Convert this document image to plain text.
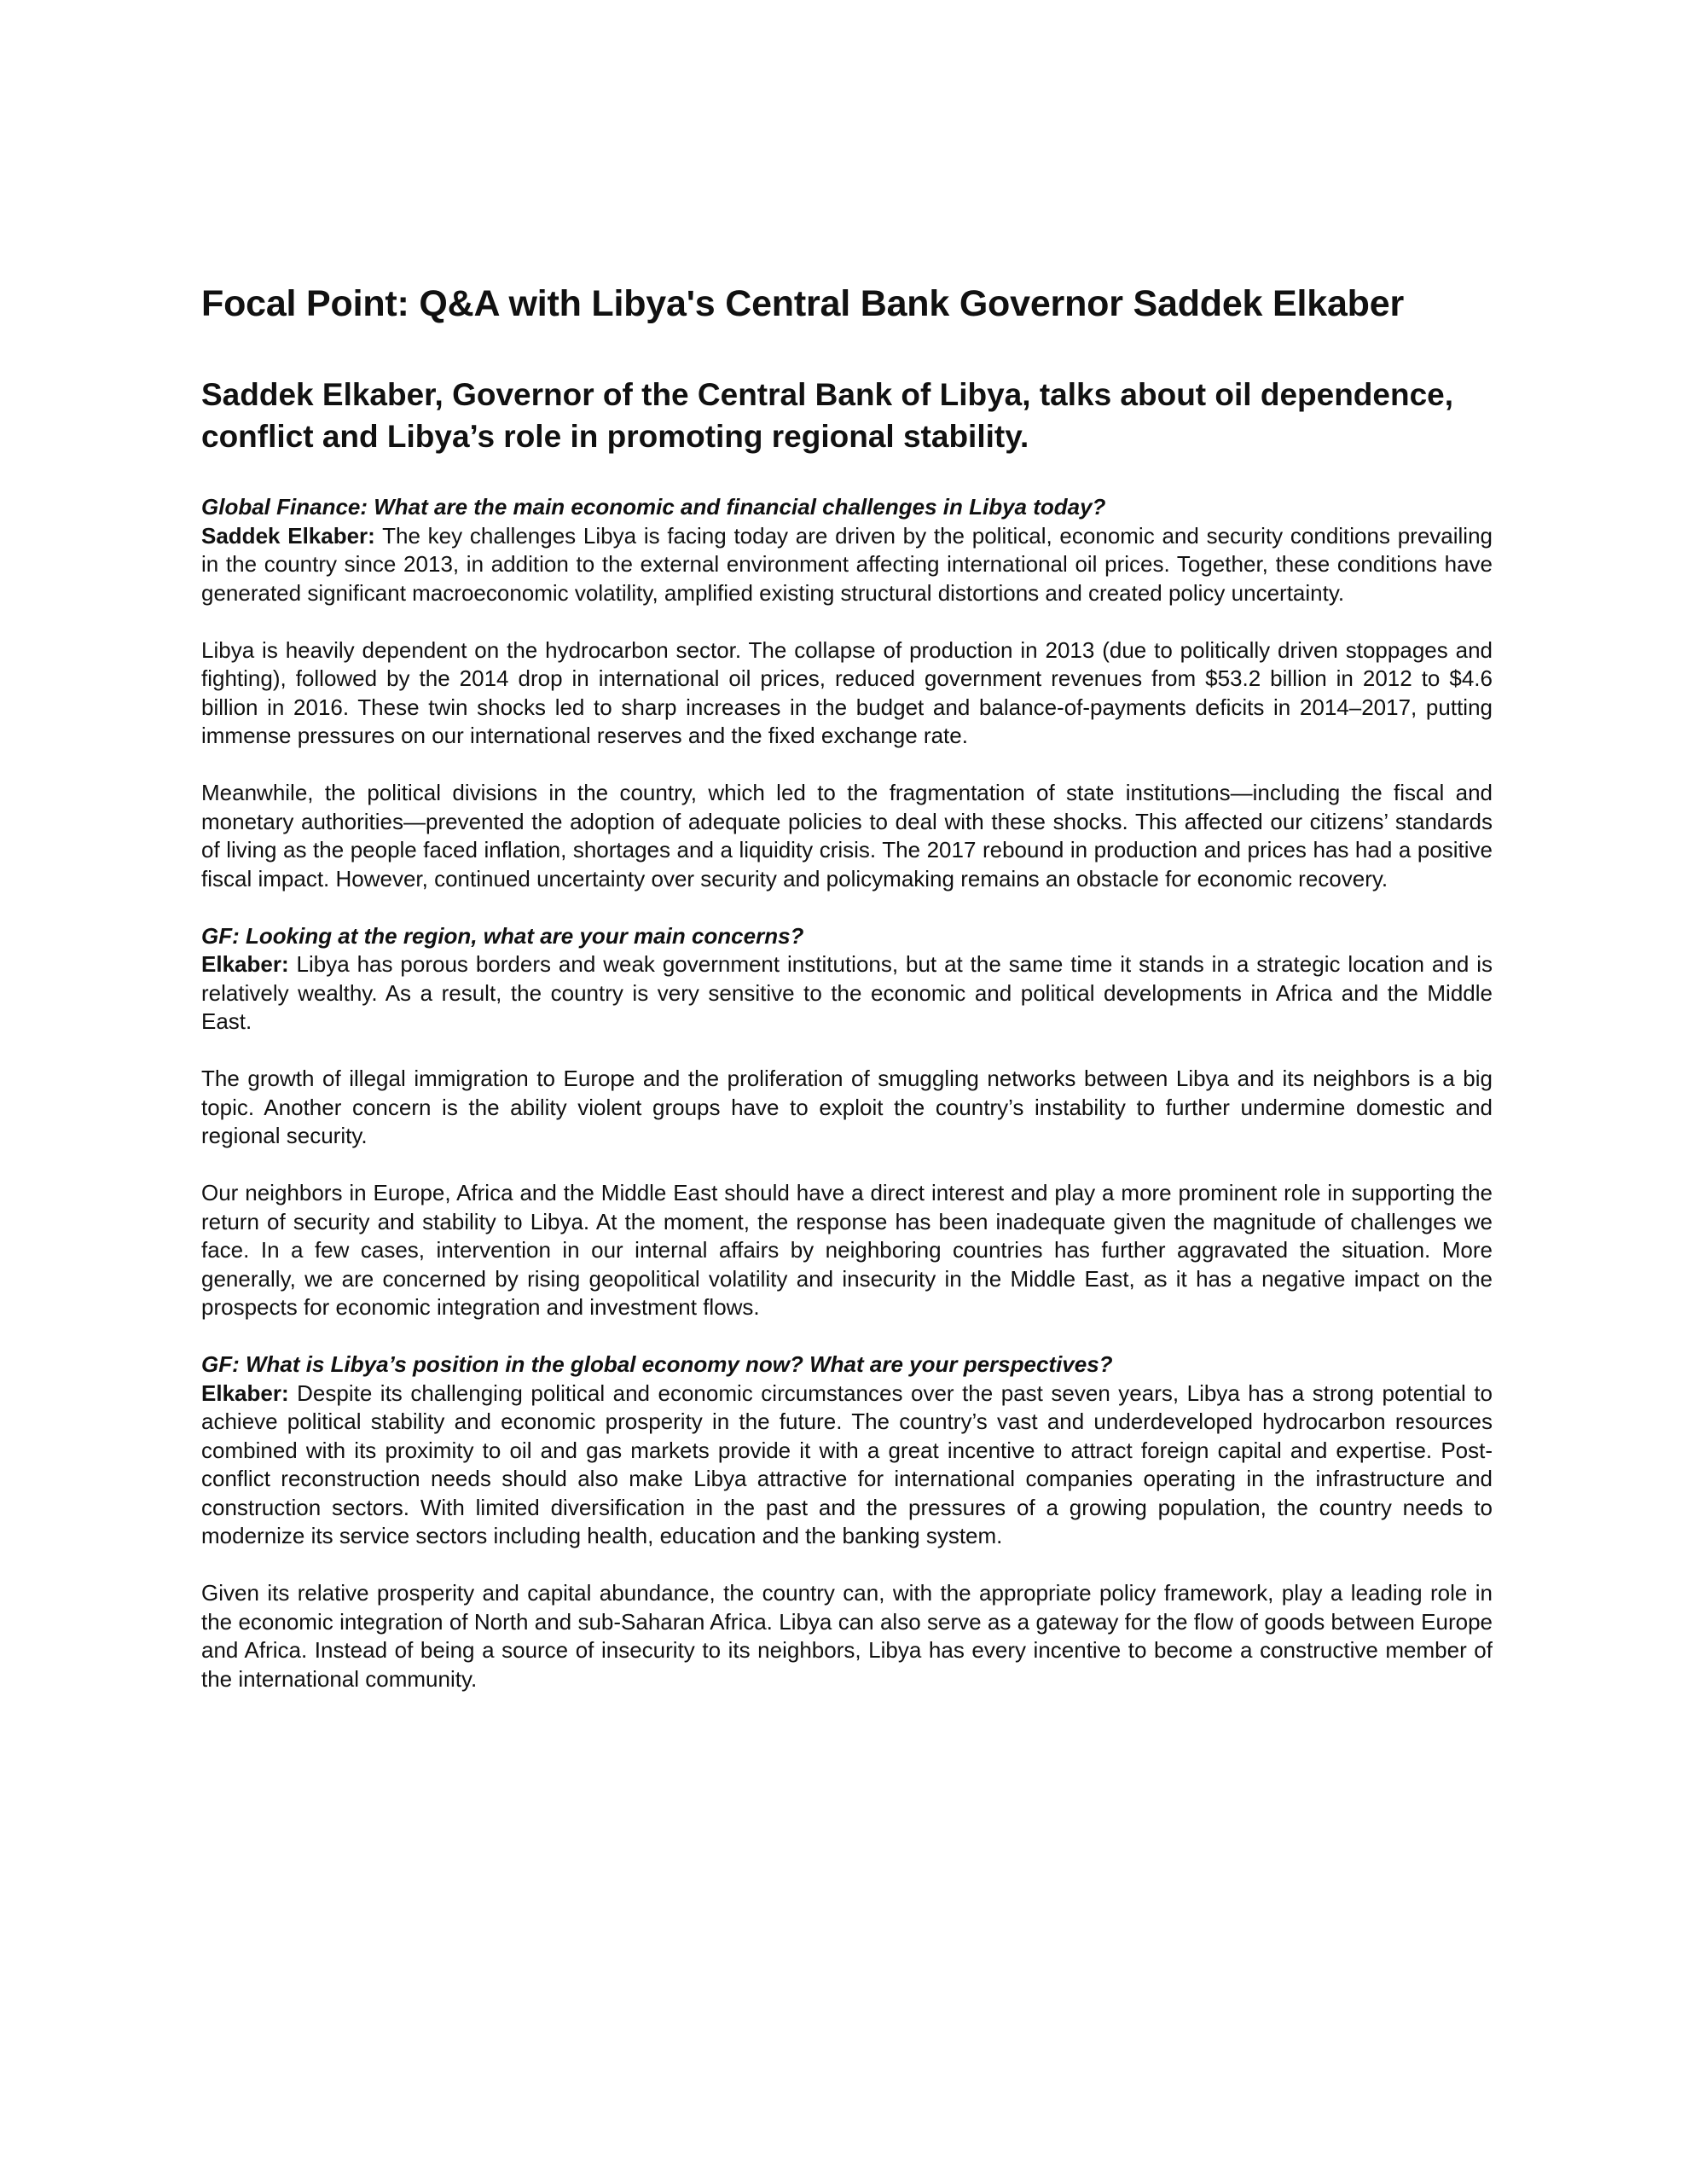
Focal Point: Q&A with Libya's Central Bank Governor Saddek Elkaber
Saddek Elkaber, Governor of the Central Bank of Libya, talks about oil dependence, conflict and Libya’s role in promoting regional stability.

Global Finance: What are the main economic and financial challenges in Libya today?
Saddek Elkaber: The key challenges Libya is facing today are driven by the political, economic and security conditions prevailing in the country since 2013, in addition to the external environment affecting international oil prices. Together, these conditions have generated significant macroeconomic volatility, amplified existing structural distortions and created policy uncertainty.

Libya is heavily dependent on the hydrocarbon sector. The collapse of production in 2013 (due to politically driven stoppages and fighting), followed by the 2014 drop in international oil prices, reduced government revenues from $53.2 billion in 2012 to $4.6 billion in 2016. These twin shocks led to sharp increases in the budget and balance-of-payments deficits in 2014–2017, putting immense pressures on our international reserves and the fixed exchange rate.

Meanwhile, the political divisions in the country, which led to the fragmentation of state institutions—including the fiscal and monetary authorities—prevented the adoption of adequate policies to deal with these shocks. This affected our citizens’ standards of living as the people faced inflation, shortages and a liquidity crisis. The 2017 rebound in production and prices has had a positive fiscal impact. However, continued uncertainty over security and policymaking remains an obstacle for economic recovery.

GF: Looking at the region, what are your main concerns?
Elkaber: Libya has porous borders and weak government institutions, but at the same time it stands in a strategic location and is relatively wealthy. As a result, the country is very sensitive to the economic and political developments in Africa and the Middle East.

The growth of illegal immigration to Europe and the proliferation of smuggling networks between Libya and its neighbors is a big topic. Another concern is the ability violent groups have to exploit the country’s instability to further undermine domestic and regional security.

Our neighbors in Europe, Africa and the Middle East should have a direct interest and play a more prominent role in supporting the return of security and stability to Libya. At the moment, the response has been inadequate given the magnitude of challenges we face. In a few cases, intervention in our internal affairs by neighboring countries has further aggravated the situation. More generally, we are concerned by rising geopolitical volatility and insecurity in the Middle East, as it has a negative impact on the prospects for economic integration and investment flows.

GF: What is Libya’s position in the global economy now? What are your perspectives?
Elkaber: Despite its challenging political and economic circumstances over the past seven years, Libya has a strong potential to achieve political stability and economic prosperity in the future. The country’s vast and underdeveloped hydrocarbon resources combined with its proximity to oil and gas markets provide it with a great incentive to attract foreign capital and expertise. Post-conflict reconstruction needs should also make Libya attractive for international companies operating in the infrastructure and construction sectors. With limited diversification in the past and the pressures of a growing population, the country needs to modernize its service sectors including health, education and the banking system.

Given its relative prosperity and capital abundance, the country can, with the appropriate policy framework, play a leading role in the economic integration of North and sub-Saharan Africa. Libya can also serve as a gateway for the flow of goods between Europe and Africa. Instead of being a source of insecurity to its neighbors, Libya has every incentive to become a constructive member of the international community.
